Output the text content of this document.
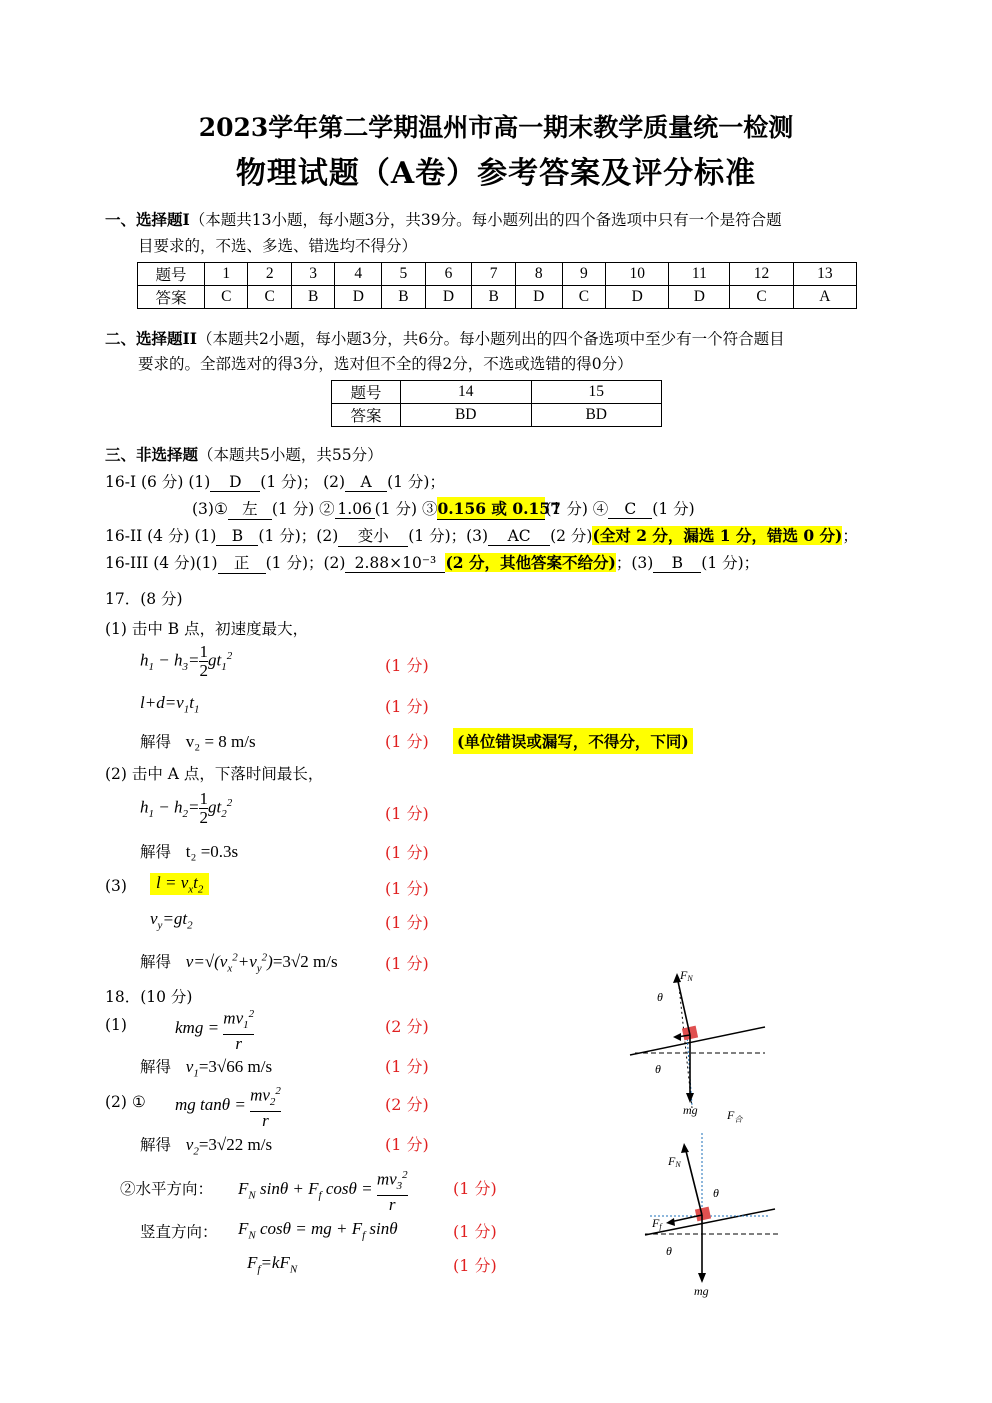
2023学年第二学期温州市高一期末教学质量统一检测
物理试题（A卷）参考答案及评分标准
一、选择题I（本题共13小题，每小题3分，共39分。每小题列出的四个备选项中只有一个是符合题
目要求的，不选、多选、错选均不得分）
题号	1	2	3	4	5	6	7	8	9	10	11	12	13
答案	C	C	B	D	B	D	B	D	C	D	D	C	A
二、选择题II（本题共2小题，每小题3分，共6分。每小题列出的四个备选项中至少有一个符合题目
要求的。全部选对的得3分，选对但不全的得2分，不选或选错的得0分）
题号	14	15
答案	BD	BD
三、非选择题（本题共5小题，共55分）
16-I (6 分) (1) D (1 分)； (2) A (1 分)；
(3)① 左 (1 分) ② 1.06 (1 分) ③0.156 或 0.157(1 分) ④ C (1 分)
16-II (4 分) (1) B (1 分)；(2) 变小 (1 分)；(3) AC (2 分)(全对 2 分，漏选 1 分，错选 0 分)；
16-III (4 分)(1) 正 (1 分)；(2) 2.88×10⁻³ (2 分，其他答案不给分)；(3) B (1 分)；
17．(8 分)
(1) 击中 B 点，初速度最大，
$h_1 - h_3= \frac{1}{2} gt_1^2$
(1 分)
$l+d=v_1t_1$	(1 分)
解得 v₂ = 8 m/s	(1 分) (单位错误或漏写，不得分，下同)
(2) 击中 A 点，下落时间最长，
$h_1 - h_2= \frac{1}{2} gt_2^2$
(1 分)
解得 t₂ =0.3s	(1 分)
(3)	$l = v_xt_2$	(1 分)
$v_y=gt_2$	(1 分)
解得 $v=√(v_x^2+v_y^2)=3√2$ m/s	(1 分)
18．(10 分)
(1)	kmg = $\frac{mv_1^2}{r}$	(2 分)
解得 $v_1=3√66$ m/s	(1 分)
(2) ① mg $\tan\theta = \frac{mv_2^2}{r}$	(2 分)
解得 $v_2=3√22$ m/s	(1 分)
②水平方向： $F_N$ $\sin\theta + F_f$ $\cos\theta = \frac{mv_3^2}{r}$	(1 分)
竖直方向： $F_N$ cosθ = mg + $F_f$ sinθ	(1 分)
$F_f=kF_N$	(1 分)
FN
θ
θ
mg $F_合$
FN
θ
Ff
θ
mg
